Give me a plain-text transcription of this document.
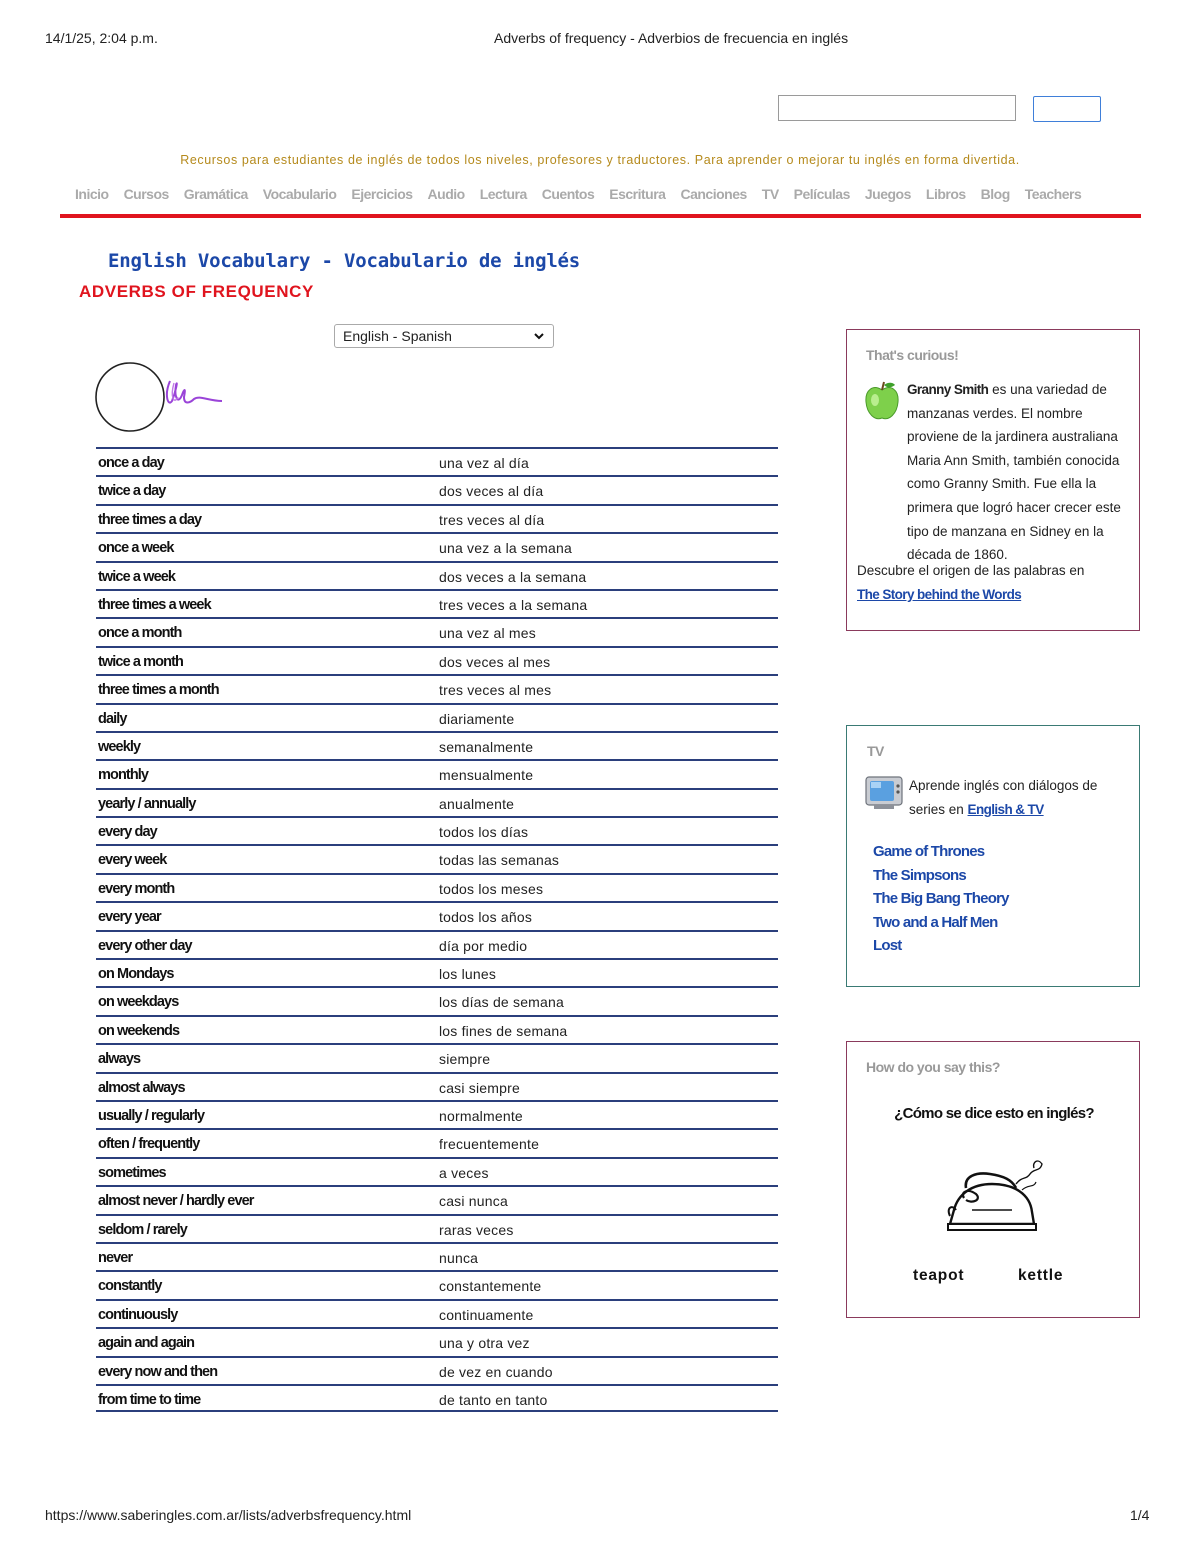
14/1/25, 2:04 p.m.	Adverbs of frequency - Adverbios de frecuencia en inglés
Recursos para estudiantes de inglés de todos los niveles, profesores y traductores. Para aprender o mejorar tu inglés en forma divertida.
Inicio Cursos Gramática Vocabulario Ejercicios Audio Lectura Cuentos Escritura Canciones TV Películas Juegos Libros Blog Teachers
English Vocabulary - Vocabulario de inglés
ADVERBS OF FREQUENCY
English - Spanish
once a day	una vez al día
twice a day	dos veces al día
three times a day	tres veces al día
once a week	una vez a la semana
twice a week	dos veces a la semana
three times a week	tres veces a la semana
once a month	una vez al mes
twice a month	dos veces al mes
three times a month	tres veces al mes
daily	diariamente
weekly	semanalmente
monthly	mensualmente
yearly / annually	anualmente
every day	todos los días
every week	todas las semanas
every month	todos los meses
every year	todos los años
every other day	día por medio
on Mondays	los lunes
on weekdays	los días de semana
on weekends	los fines de semana
always	siempre
almost always	casi siempre
usually / regularly	normalmente
often / frequently	frecuentemente
sometimes	a veces
almost never / hardly ever	casi nunca
seldom / rarely	raras veces
never	nunca
constantly	constantemente
continuously	continuamente
again and again	una y otra vez
every now and then	de vez en cuando
from time to time	de tanto en tanto
That's curious!
Granny Smith es una variedad de manzanas verdes. El nombre proviene de la jardinera australiana Maria Ann Smith, también conocida como Granny Smith. Fue ella la primera que logró hacer crecer este tipo de manzana en Sidney en la década de 1860.
Descubre el origen de las palabras en
The Story behind the Words
TV
Aprende inglés con diálogos de series en English & TV
Game of Thrones
The Simpsons
The Big Bang Theory
Two and a Half Men
Lost
How do you say this?
¿Cómo se dice esto en inglés?
teapot	kettle
https://www.saberingles.com.ar/lists/adverbsfrequency.html	1/4
